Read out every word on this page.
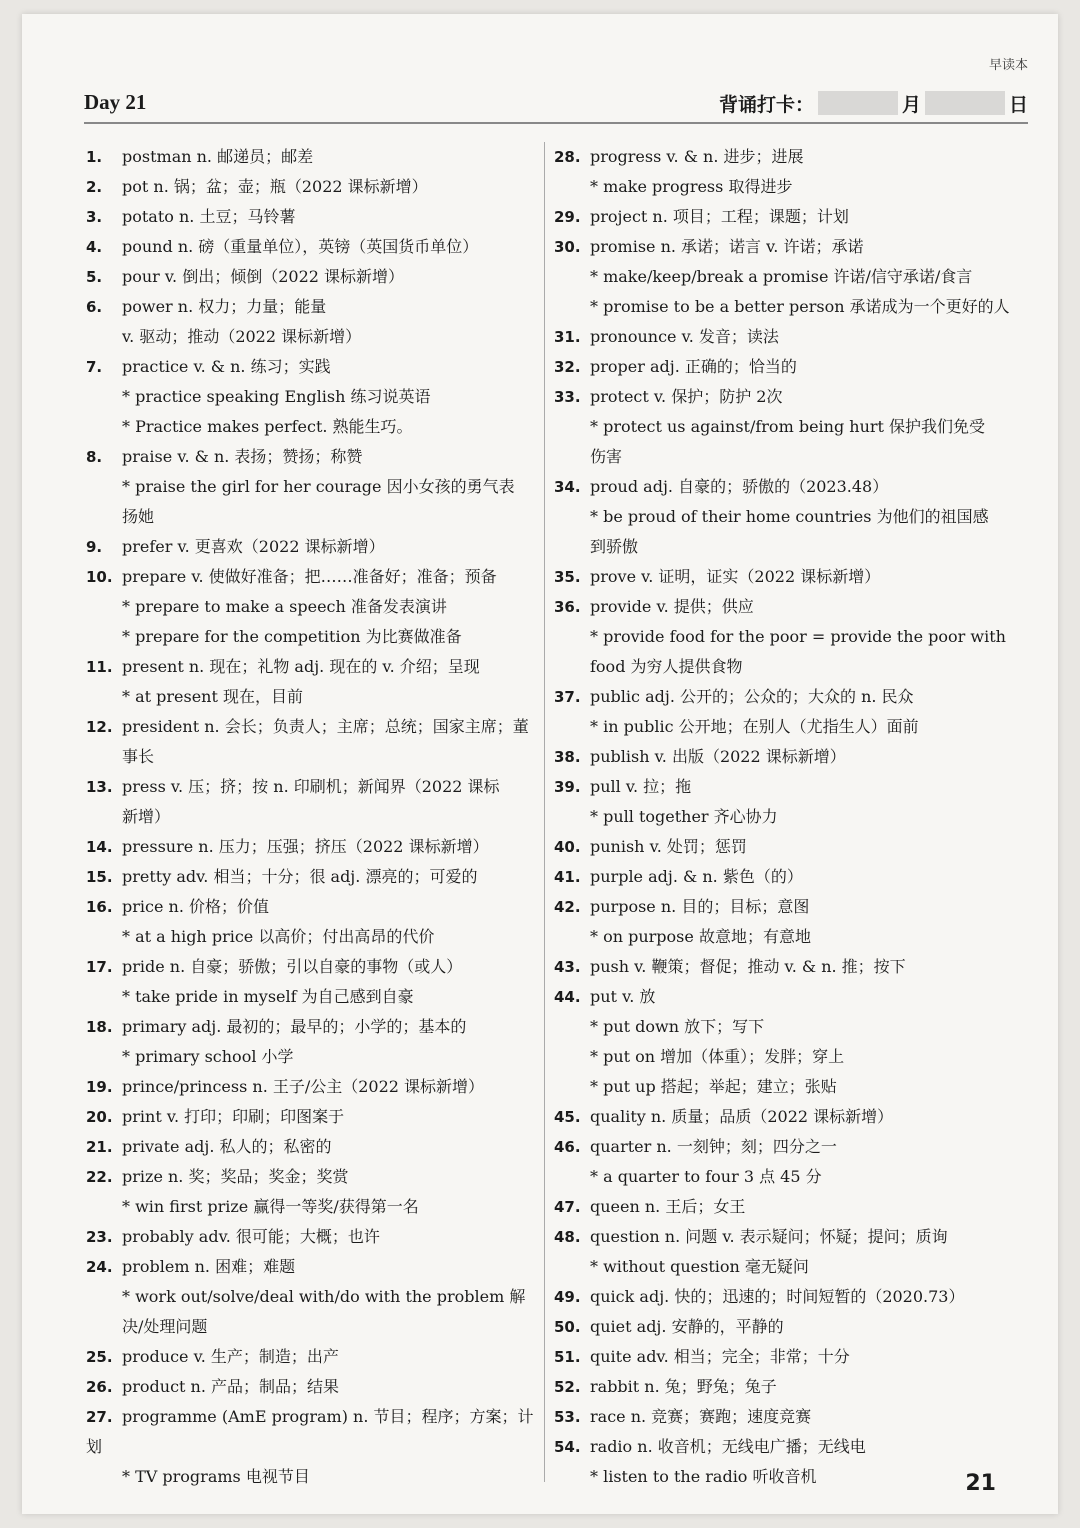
早读本
Day 21	背诵打卡：	月	日
1. postman n. 邮递员；邮差
2. pot n. 锅；盆；壶；瓶（2022 课标新增）
3. potato n. 土豆；马铃薯
4. pound n. 磅（重量单位），英镑（英国货币单位）
5. pour v. 倒出；倾倒（2022 课标新增）
6. power n. 权力；力量；能量
v. 驱动；推动（2022 课标新增）
7. practice v. & n. 练习；实践
* practice speaking English 练习说英语
* Practice makes perfect. 熟能生巧。
8. praise v. & n. 表扬；赞扬；称赞
* praise the girl for her courage 因小女孩的勇气表
扬她
9. prefer v. 更喜欢（2022 课标新增）
10. prepare v. 使做好准备；把……准备好；准备；预备
* prepare to make a speech 准备发表演讲
* prepare for the competition 为比赛做准备
11. present n. 现在；礼物 adj. 现在的 v. 介绍；呈现
* at present 现在，目前
12. president n. 会长；负责人；主席；总统；国家主席；董
事长
13. press v. 压；挤；按 n. 印刷机；新闻界（2022 课标
新增）
14. pressure n. 压力；压强；挤压（2022 课标新增）
15. pretty adv. 相当；十分；很 adj. 漂亮的；可爱的
16. price n. 价格；价值
* at a high price 以高价；付出高昂的代价
17. pride n. 自豪；骄傲；引以自豪的事物（或人）
* take pride in myself 为自己感到自豪
18. primary adj. 最初的；最早的；小学的；基本的
* primary school 小学
19. prince/princess n. 王子/公主（2022 课标新增）
20. print v. 打印；印刷；印图案于
21. private adj. 私人的；私密的
22. prize n. 奖；奖品；奖金；奖赏
* win first prize 赢得一等奖/获得第一名
23. probably adv. 很可能；大概；也许
24. problem n. 困难；难题
* work out/solve/deal with/do with the problem 解
决/处理问题
25. produce v. 生产；制造；出产
26. product n. 产品；制品；结果
27. programme (AmE program) n. 节目；程序；方案；计划
* TV programs 电视节目
28. progress v. & n. 进步；进展
* make progress 取得进步
29. project n. 项目；工程；课题；计划
30. promise n. 承诺；诺言 v. 许诺；承诺
* make/keep/break a promise 许诺/信守承诺/食言
* promise to be a better person 承诺成为一个更好的人
31. pronounce v. 发音；读法
32. proper adj. 正确的；恰当的
33. protect v. 保护；防护 2次
* protect us against/from being hurt 保护我们免受
伤害
34. proud adj. 自豪的；骄傲的（2023.48）
* be proud of their home countries 为他们的祖国感
到骄傲
35. prove v. 证明，证实（2022 课标新增）
36. provide v. 提供；供应
* provide food for the poor = provide the poor with
food 为穷人提供食物
37. public adj. 公开的；公众的；大众的 n. 民众
* in public 公开地；在别人（尤指生人）面前
38. publish v. 出版（2022 课标新增）
39. pull v. 拉；拖
* pull together 齐心协力
40. punish v. 处罚；惩罚
41. purple adj. & n. 紫色（的）
42. purpose n. 目的；目标；意图
* on purpose 故意地；有意地
43. push v. 鞭策；督促；推动 v. & n. 推；按下
44. put v. 放
* put down 放下；写下
* put on 增加（体重）；发胖；穿上
* put up 搭起；举起；建立；张贴
45. quality n. 质量；品质（2022 课标新增）
46. quarter n. 一刻钟；刻；四分之一
* a quarter to four 3 点 45 分
47. queen n. 王后；女王
48. question n. 问题 v. 表示疑问；怀疑；提问；质询
* without question 毫无疑问
49. quick adj. 快的；迅速的；时间短暂的（2020.73）
50. quiet adj. 安静的，平静的
51. quite adv. 相当；完全；非常；十分
52. rabbit n. 兔；野兔；兔子
53. race n. 竞赛；赛跑；速度竞赛
54. radio n. 收音机；无线电广播；无线电
* listen to the radio 听收音机	21
